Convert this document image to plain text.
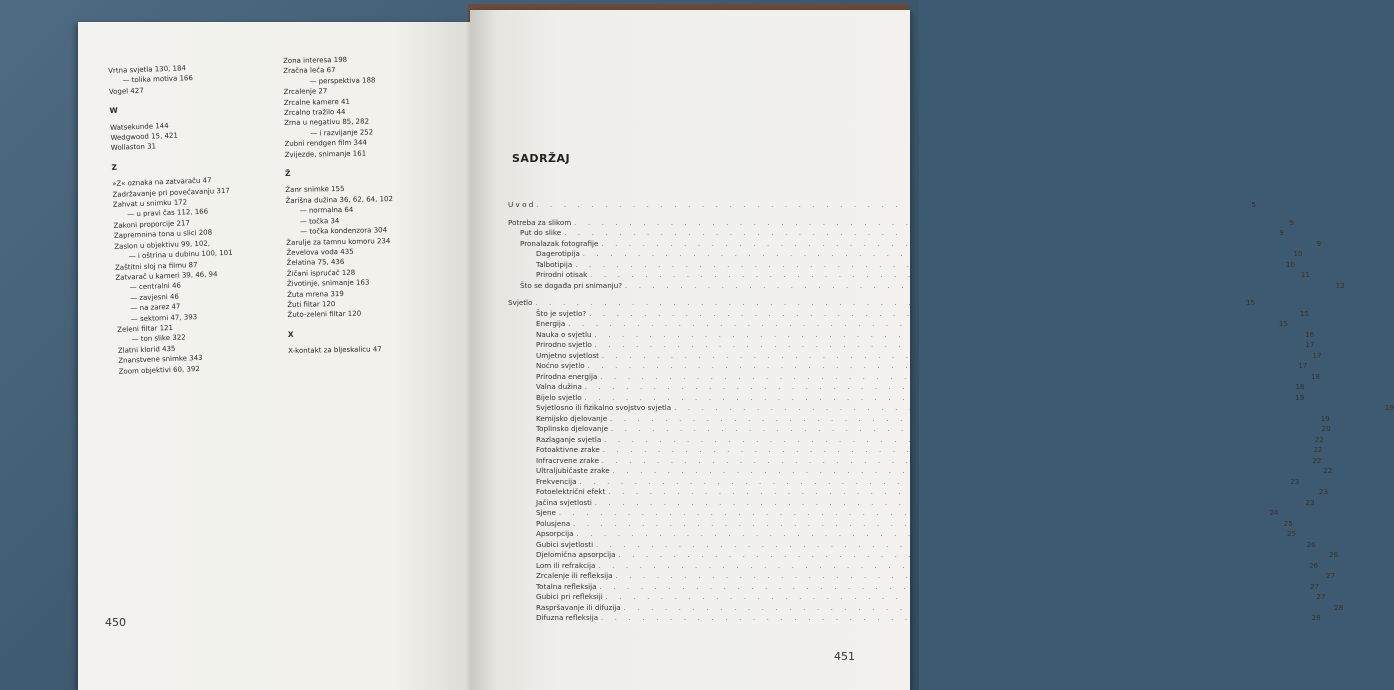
Vrtna svjetla 130, 184
— tolika motiva 166
Vogel 427
W
Watsekunde 144
Wedgwood 15, 421
Wollaston 31
Z
»Z« oznaka na zatvaraču 47
Zadržavanje pri povećavanju 317
Zahvat u snimku 172
— u pravi čas 112, 166
Zakoni proporcije 217
Zapremnina tona u slici 208
Zaslon u objektivu 99, 102,
— i oštrina u dubinu 100, 101
Zaštitni sloj na filmu 87
Zatvarač u kameri 39, 46, 94
— centralni 46
— zavjesni 46
— na zarez 47
— sektorni 47, 393
Zeleni filtar 121
— ton slike 322
Zlatni klorid 435
Znanstvene snimke 343
Zoom objektivi 60, 392
Zona interesa 198
Zračna leća 67
— perspektiva 188
Zrcalenje 27
Zrcalne kamere 41
Zrcalno tražilo 44
Zrna u negativu 85, 282
— i razvijanje 252
Zubni rendgen film 344
Zvijezde, snimanje 161
Ž
Žanr snimke 155
Žarišna dužina 36, 62, 64, 102
— normalna 64
— točka 34
— točka kondenzora 304
Žarulje za tamnu komoru 234
Ževelova voda 435
Želatina 75, 436
Žičani isprućač 128
Životinje, snimanje 163
Žuta mrena 319
Žuti filtar 120
Žuto-zeleni filtar 120
X
X-kontakt za bljeskalicu 47
450
SADRŽAJ
U v o d . . . . . . . . . . . . . . . . . . . . . . . . . . . . . . . . . . . . . . . . . . . . . . . . . . .	5
Potreba za slikom . . . . . . . . . . . . . . . . . . . . . . . . . . . . . . . . . . . . . . . . . . . . . . . . . . .	9
Put do slike . . . . . . . . . . . . . . . . . . . . . . . . . . . . . . . . . . . . . . . . . . . . . . . . . . .	9
Pronalazak fotografije . . . . . . . . . . . . . . . . . . . . . . . . . . . . . . . . . . . . . . . . . . . . . . . . . . .	9
Dagerotipija . . . . . . . . . . . . . . . . . . . . . . . . . . . . . . . . . . . . . . . . . . . . . . . . . . .	10
Talbotipija . . . . . . . . . . . . . . . . . . . . . . . . . . . . . . . . . . . . . . . . . . . . . . . . . . .	10
Prirodni otisak . . . . . . . . . . . . . . . . . . . . . . . . . . . . . . . . . . . . . . . . . . . . . . . . . . .	11
Što se događa pri snimanju? . . . . . . . . . . . . . . . . . . . . . . . . . . . . . . . . . . . . . . . . . . . . . . . . . . .	12
Svjetlo . . . . . . . . . . . . . . . . . . . . . . . . . . . . . . . . . . . . . . . . . . . . . . . . . . .	15
Što je svjetlo? . . . . . . . . . . . . . . . . . . . . . . . . . . . . . . . . . . . . . . . . . . . . . . . . . . .	15
Energija . . . . . . . . . . . . . . . . . . . . . . . . . . . . . . . . . . . . . . . . . . . . . . . . . . .	15
Nauka o svjetlu . . . . . . . . . . . . . . . . . . . . . . . . . . . . . . . . . . . . . . . . . . . . . . . . . . .	16
Prirodno svjetlo . . . . . . . . . . . . . . . . . . . . . . . . . . . . . . . . . . . . . . . . . . . . . . . . . . .	17
Umjetno svjetlost . . . . . . . . . . . . . . . . . . . . . . . . . . . . . . . . . . . . . . . . . . . . . . . . . . .	17
Noćno svjetlo . . . . . . . . . . . . . . . . . . . . . . . . . . . . . . . . . . . . . . . . . . . . . . . . . . .	17
Prirodna energija . . . . . . . . . . . . . . . . . . . . . . . . . . . . . . . . . . . . . . . . . . . . . . . . . . .	18
Valna dužina . . . . . . . . . . . . . . . . . . . . . . . . . . . . . . . . . . . . . . . . . . . . . . . . . . .	18
Bijelo svjetlo . . . . . . . . . . . . . . . . . . . . . . . . . . . . . . . . . . . . . . . . . . . . . . . . . . .	19
Svjetlosno ili fizikalno svojstvo svjetla . . . . . . . . . . . . . . . . . . . . . . . . . . . . . . . . . . . . . . . . . . . . . . . . . . .	19
Kemijsko djelovanje . . . . . . . . . . . . . . . . . . . . . . . . . . . . . . . . . . . . . . . . . . . . . . . . . . .	19
Toplinsko djelovanje . . . . . . . . . . . . . . . . . . . . . . . . . . . . . . . . . . . . . . . . . . . . . . . . . . .	20
Razlaganje svjetla . . . . . . . . . . . . . . . . . . . . . . . . . . . . . . . . . . . . . . . . . . . . . . . . . . .	22
Fotoaktivne zrake . . . . . . . . . . . . . . . . . . . . . . . . . . . . . . . . . . . . . . . . . . . . . . . . . . .	22
Infracrvene zrake . . . . . . . . . . . . . . . . . . . . . . . . . . . . . . . . . . . . . . . . . . . . . . . . . . .	22
Ultraljubičaste zrake . . . . . . . . . . . . . . . . . . . . . . . . . . . . . . . . . . . . . . . . . . . . . . . . . . .	22
Frekvencija . . . . . . . . . . . . . . . . . . . . . . . . . . . . . . . . . . . . . . . . . . . . . . . . . . .	23
Fotoelektrični efekt . . . . . . . . . . . . . . . . . . . . . . . . . . . . . . . . . . . . . . . . . . . . . . . . . . .	23
Jačina svjetlosti . . . . . . . . . . . . . . . . . . . . . . . . . . . . . . . . . . . . . . . . . . . . . . . . . . .	23
Sjene . . . . . . . . . . . . . . . . . . . . . . . . . . . . . . . . . . . . . . . . . . . . . . . . . . .	24
Polusjena . . . . . . . . . . . . . . . . . . . . . . . . . . . . . . . . . . . . . . . . . . . . . . . . . . .	25
Apsorpcija . . . . . . . . . . . . . . . . . . . . . . . . . . . . . . . . . . . . . . . . . . . . . . . . . . .	25
Gubici svjetlosti . . . . . . . . . . . . . . . . . . . . . . . . . . . . . . . . . . . . . . . . . . . . . . . . . . .	26
Djelomična apsorpcija . . . . . . . . . . . . . . . . . . . . . . . . . . . . . . . . . . . . . . . . . . . . . . . . . . .	26
Lom ili refrakcija . . . . . . . . . . . . . . . . . . . . . . . . . . . . . . . . . . . . . . . . . . . . . . . . . . .	26
Zrcalenje ili refleksija . . . . . . . . . . . . . . . . . . . . . . . . . . . . . . . . . . . . . . . . . . . . . . . . . . .	27
Totalna refleksija . . . . . . . . . . . . . . . . . . . . . . . . . . . . . . . . . . . . . . . . . . . . . . . . . . .	27
Gubici pri refleksiji . . . . . . . . . . . . . . . . . . . . . . . . . . . . . . . . . . . . . . . . . . . . . . . . . . .	27
Raspršavanje ili difuzija . . . . . . . . . . . . . . . . . . . . . . . . . . . . . . . . . . . . . . . . . . . . . . . . . . .	28
Difuzna refleksija . . . . . . . . . . . . . . . . . . . . . . . . . . . . . . . . . . . . . . . . . . . . . . . . . . .	28
451
